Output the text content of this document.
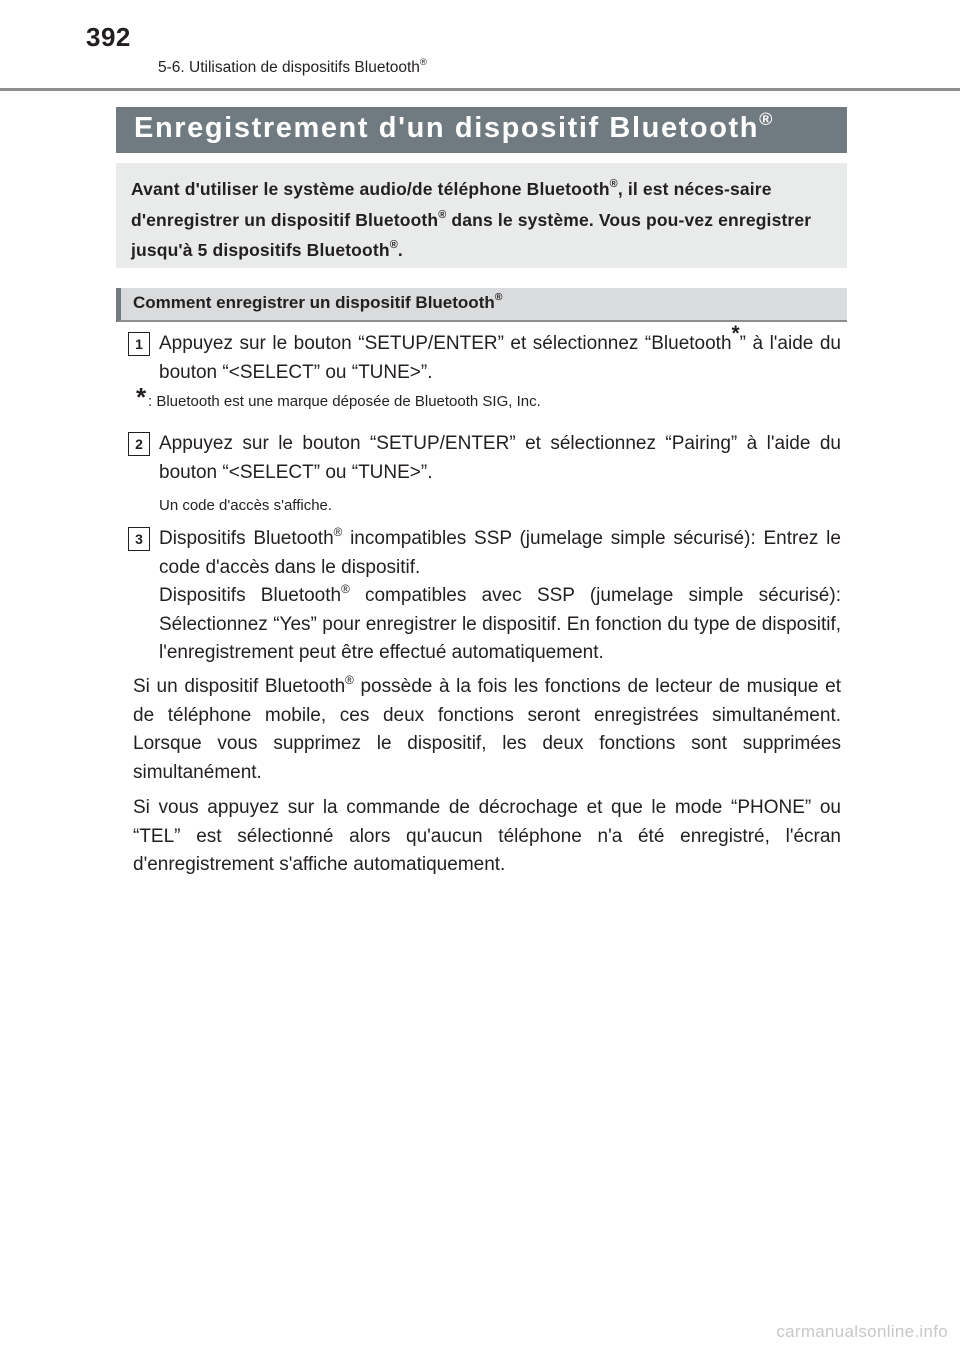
392
5-6. Utilisation de dispositifs Bluetooth®
Enregistrement d'un dispositif Bluetooth®

Avant d'utiliser le système audio/de téléphone Bluetooth®, il est néces-saire d'enregistrer un dispositif Bluetooth® dans le système. Vous pou-vez enregistrer jusqu'à 5 dispositifs Bluetooth®.

Comment enregistrer un dispositif Bluetooth®
1 Appuyez sur le bouton “SETUP/ENTER” et sélectionnez “Bluetooth*” à l'aide du bouton “<SELECT” ou “TUNE>”.

* : Bluetooth est une marque déposée de Bluetooth SIG, Inc.

2 Appuyez sur le bouton “SETUP/ENTER” et sélectionnez “Pairing” à l'aide du bouton “<SELECT” ou “TUNE>”.

Un code d'accès s'affiche.

3 Dispositifs Bluetooth® incompatibles SSP (jumelage simple sécurisé): Entrez le code d'accès dans le dispositif.

Dispositifs Bluetooth® compatibles avec SSP (jumelage simple sécurisé): Sélectionnez “Yes” pour enregistrer le dispositif. En fonction du type de dispositif, l'enregistrement peut être effectué automatiquement.

Si un dispositif Bluetooth® possède à la fois les fonctions de lecteur de musique et de téléphone mobile, ces deux fonctions seront enregistrées simultanément. Lorsque vous supprimez le dispositif, les deux fonctions sont supprimées simultanément.

Si vous appuyez sur la commande de décrochage et que le mode “PHONE” ou “TEL” est sélectionné alors qu'aucun téléphone n'a été enregistré, l'écran d'enregistrement s'affiche automatiquement.

carmanualsonline.info
